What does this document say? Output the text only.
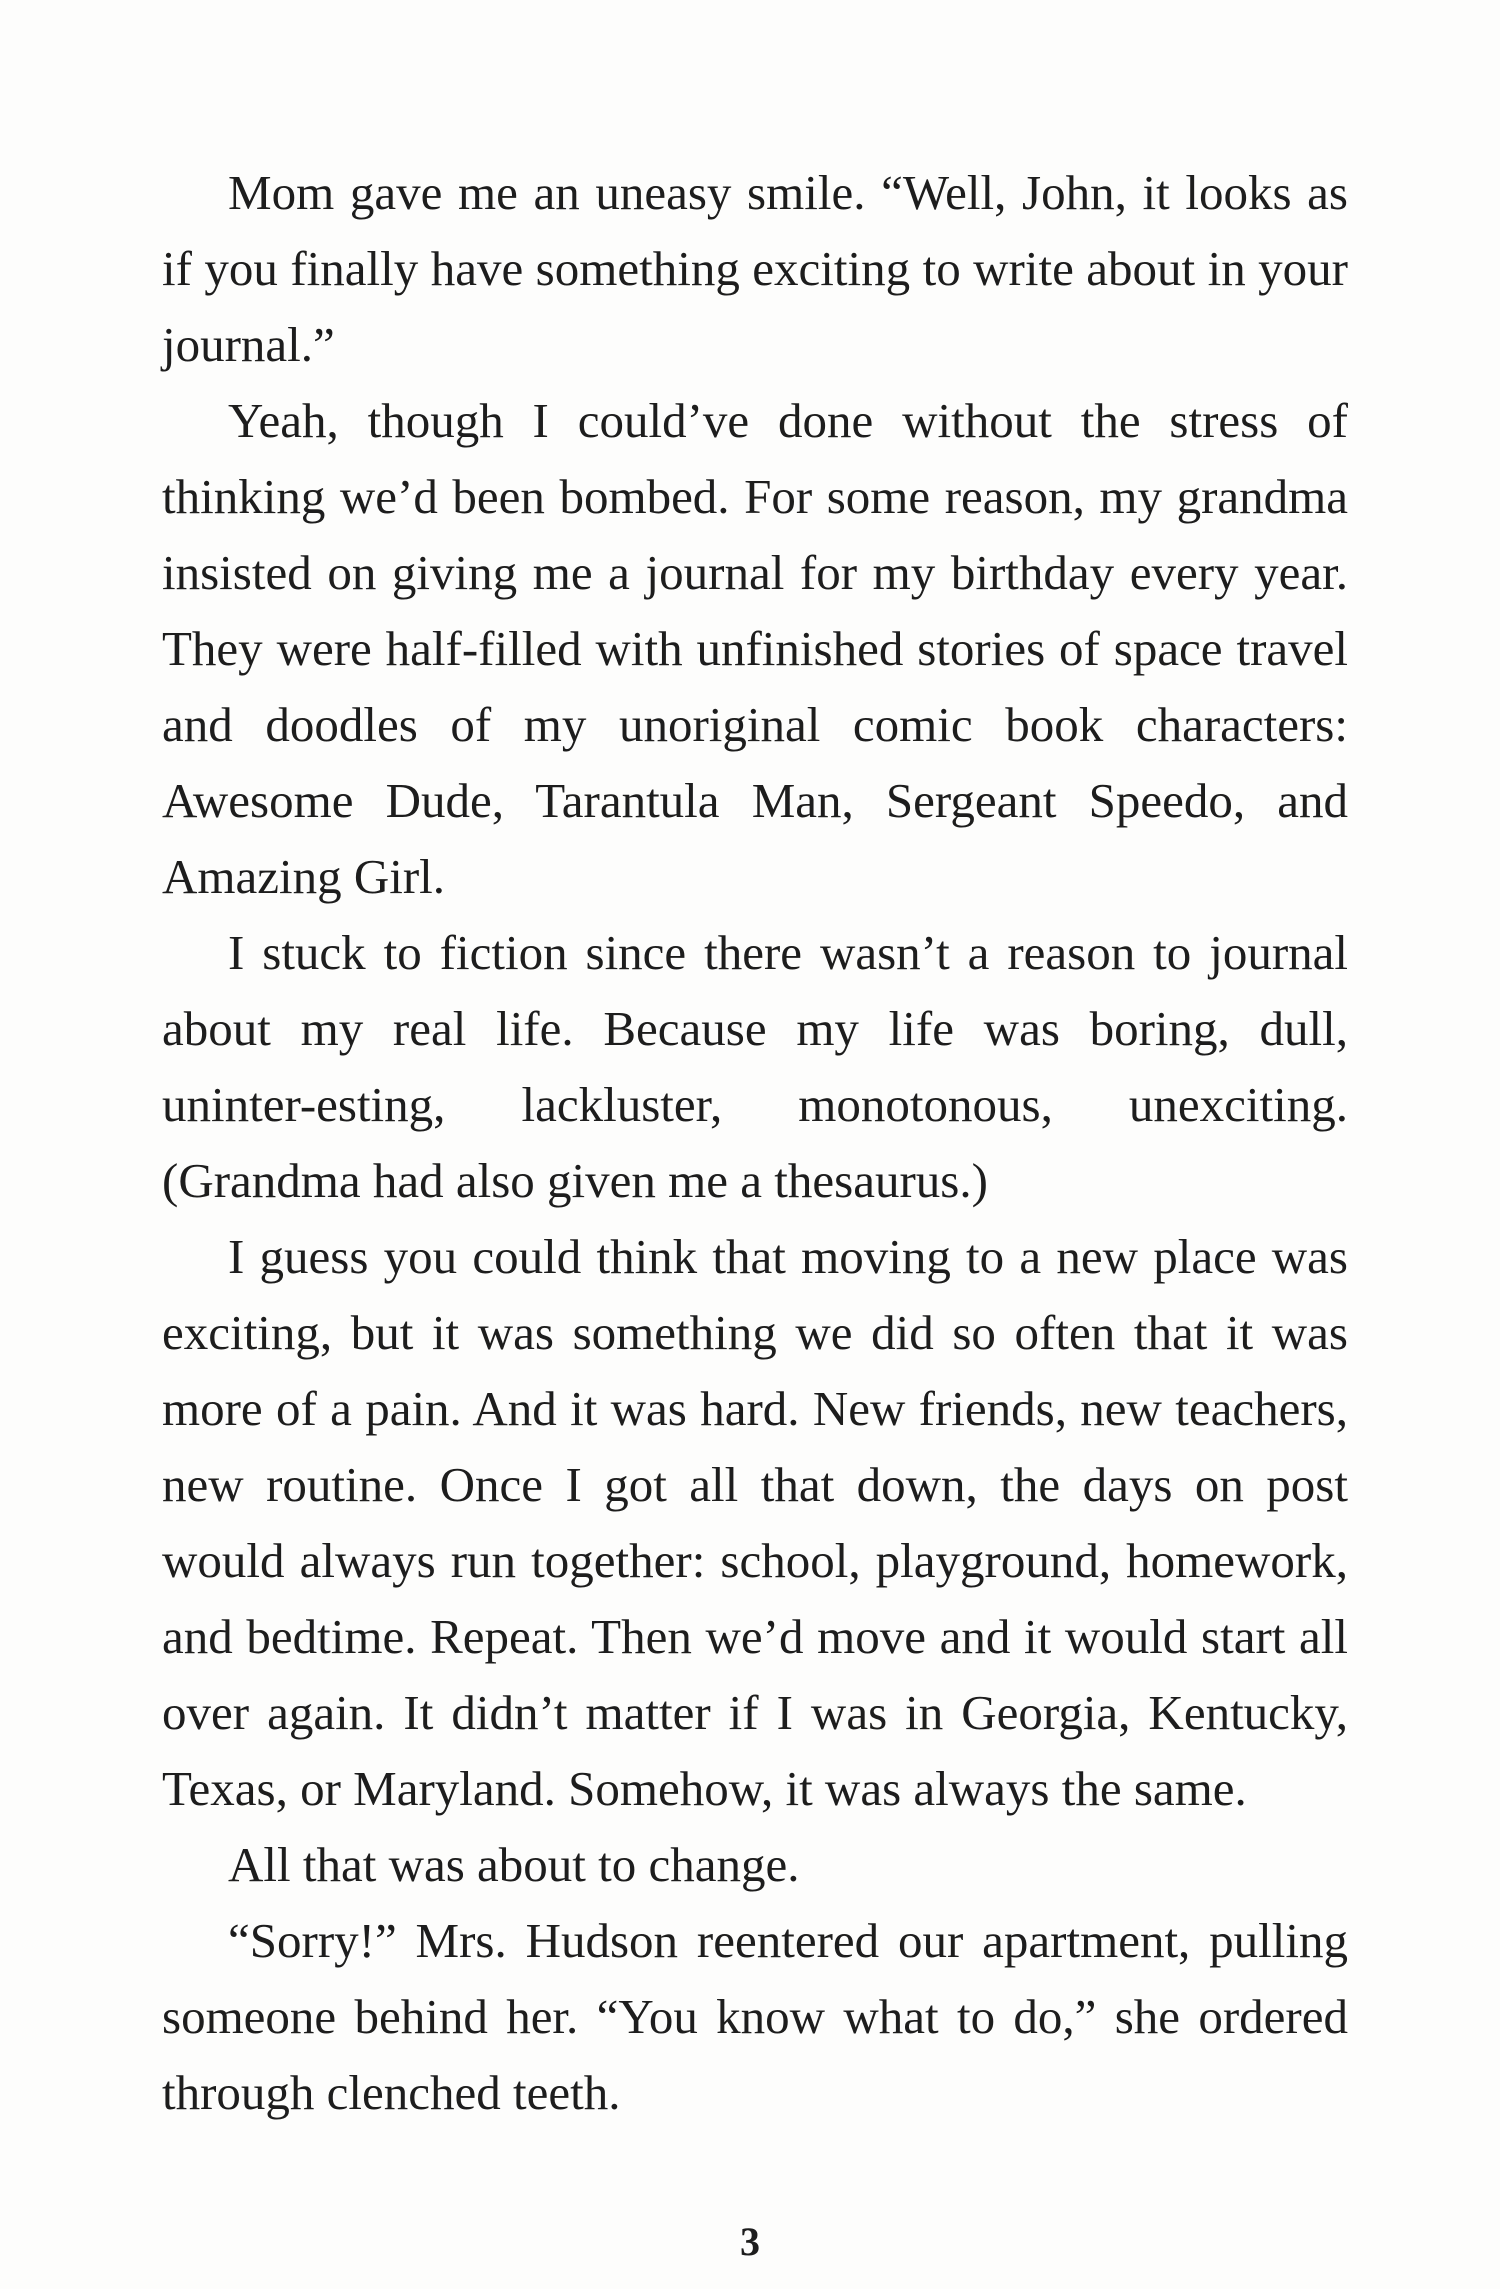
Mom gave me an uneasy smile. “Well, John, it looks as if you finally have something exciting to write about in your journal.”

Yeah, though I could’ve done without the stress of thinking we’d been bombed. For some reason, my grandma insisted on giving me a journal for my birthday every year. They were half-filled with unfinished stories of space travel and doodles of my unoriginal comic book characters: Awesome Dude, Tarantula Man, Sergeant Speedo, and Amazing Girl.

I stuck to fiction since there wasn’t a reason to journal about my real life. Because my life was boring, dull, uninter-esting, lackluster, monotonous, unexciting. (Grandma had also given me a thesaurus.)

I guess you could think that moving to a new place was exciting, but it was something we did so often that it was more of a pain. And it was hard. New friends, new teachers, new routine. Once I got all that down, the days on post would always run together: school, playground, homework, and bedtime. Repeat. Then we’d move and it would start all over again. It didn’t matter if I was in Georgia, Kentucky, Texas, or Maryland. Somehow, it was always the same.

All that was about to change.

“Sorry!” Mrs. Hudson reentered our apartment, pulling someone behind her. “You know what to do,” she ordered through clenched teeth.

3
